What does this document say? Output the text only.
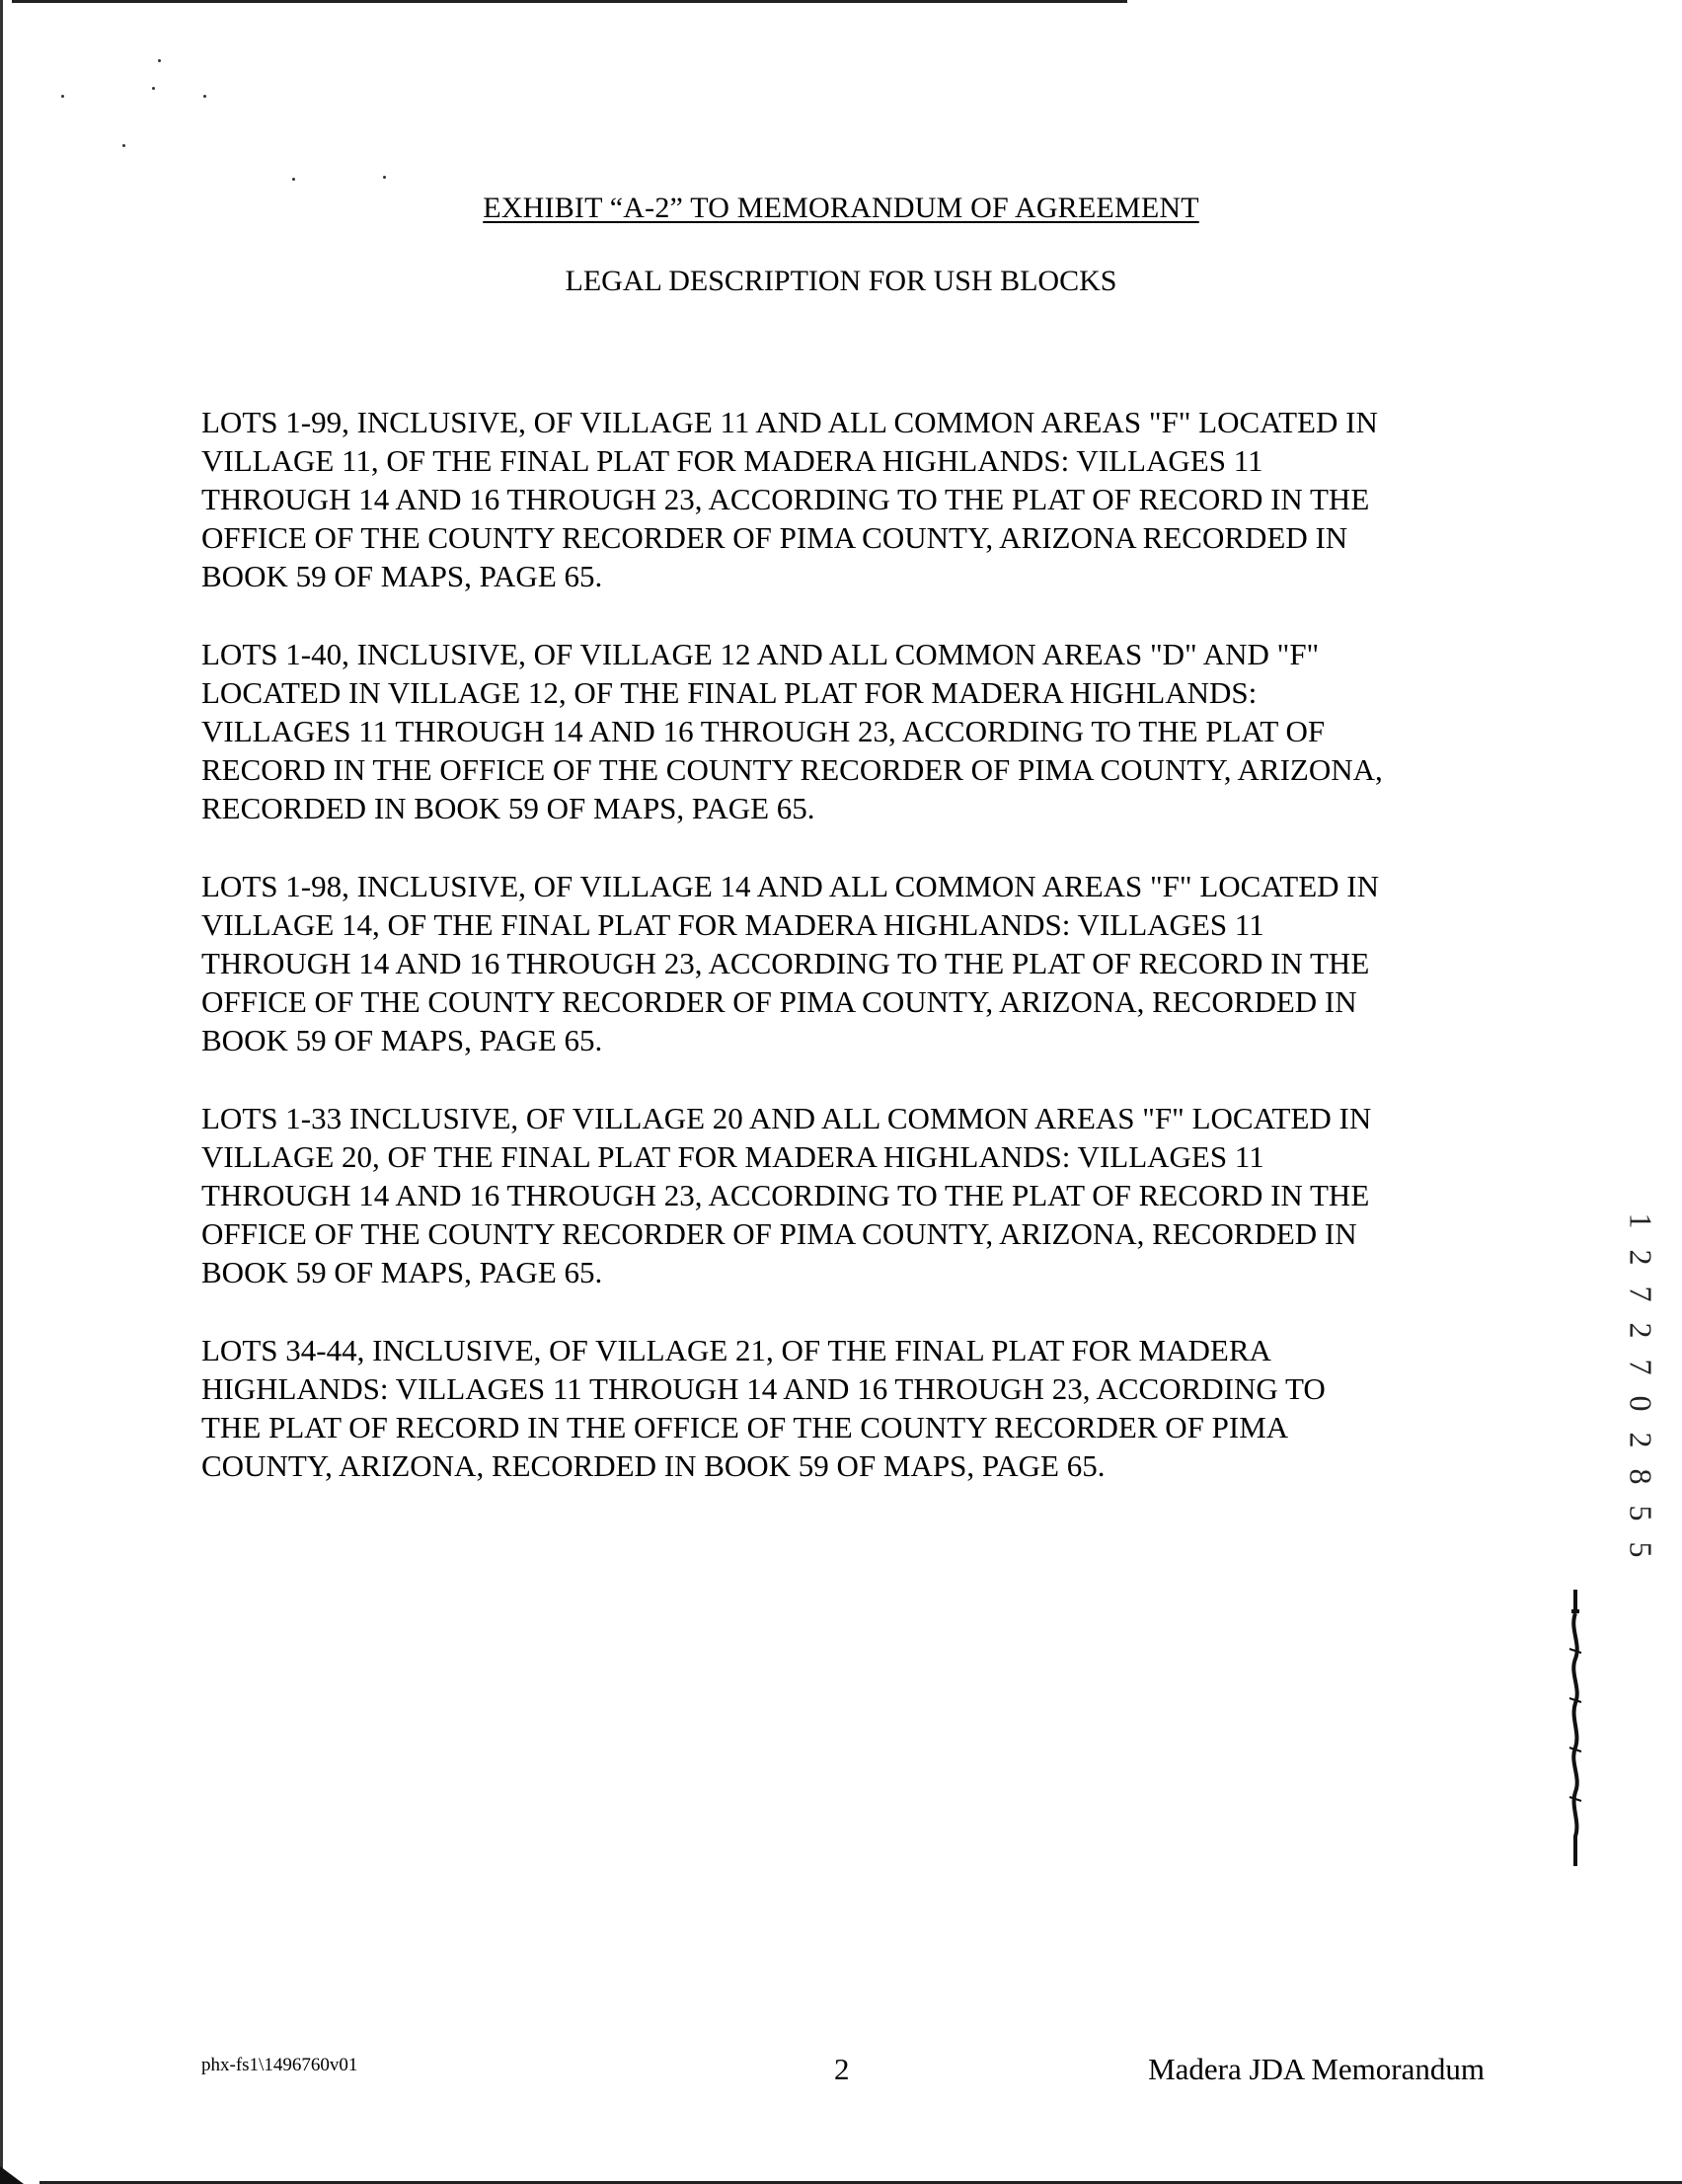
EXHIBIT “A-2” TO MEMORANDUM OF AGREEMENT
LEGAL DESCRIPTION FOR USH BLOCKS

LOTS 1-99, INCLUSIVE, OF VILLAGE 11 AND ALL COMMON AREAS "F" LOCATED IN
VILLAGE 11, OF THE FINAL PLAT FOR MADERA HIGHLANDS: VILLAGES 11
THROUGH 14 AND 16 THROUGH 23, ACCORDING TO THE PLAT OF RECORD IN THE
OFFICE OF THE COUNTY RECORDER OF PIMA COUNTY, ARIZONA RECORDED IN
BOOK 59 OF MAPS, PAGE 65.

LOTS 1-40, INCLUSIVE, OF VILLAGE 12 AND ALL COMMON AREAS "D" AND "F"
LOCATED IN VILLAGE 12, OF THE FINAL PLAT FOR MADERA HIGHLANDS:
VILLAGES 11 THROUGH 14 AND 16 THROUGH 23, ACCORDING TO THE PLAT OF
RECORD IN THE OFFICE OF THE COUNTY RECORDER OF PIMA COUNTY, ARIZONA,
RECORDED IN BOOK 59 OF MAPS, PAGE 65.

LOTS 1-98, INCLUSIVE, OF VILLAGE 14 AND ALL COMMON AREAS "F" LOCATED IN
VILLAGE 14, OF THE FINAL PLAT FOR MADERA HIGHLANDS: VILLAGES 11
THROUGH 14 AND 16 THROUGH 23, ACCORDING TO THE PLAT OF RECORD IN THE
OFFICE OF THE COUNTY RECORDER OF PIMA COUNTY, ARIZONA, RECORDED IN
BOOK 59 OF MAPS, PAGE 65.

LOTS 1-33 INCLUSIVE, OF VILLAGE 20 AND ALL COMMON AREAS "F" LOCATED IN
VILLAGE 20, OF THE FINAL PLAT FOR MADERA HIGHLANDS: VILLAGES 11
THROUGH 14 AND 16 THROUGH 23, ACCORDING TO THE PLAT OF RECORD IN THE
OFFICE OF THE COUNTY RECORDER OF PIMA COUNTY, ARIZONA, RECORDED IN
BOOK 59 OF MAPS, PAGE 65.

LOTS 34-44, INCLUSIVE, OF VILLAGE 21, OF THE FINAL PLAT FOR MADERA
HIGHLANDS: VILLAGES 11 THROUGH 14 AND 16 THROUGH 23, ACCORDING TO
THE PLAT OF RECORD IN THE OFFICE OF THE COUNTY RECORDER OF PIMA
COUNTY, ARIZONA, RECORDED IN BOOK 59 OF MAPS, PAGE 65.

1
2
7
2
7
0
2
8
5
5
phx-fs1\1496760v01	2	Madera JDA Memorandum
